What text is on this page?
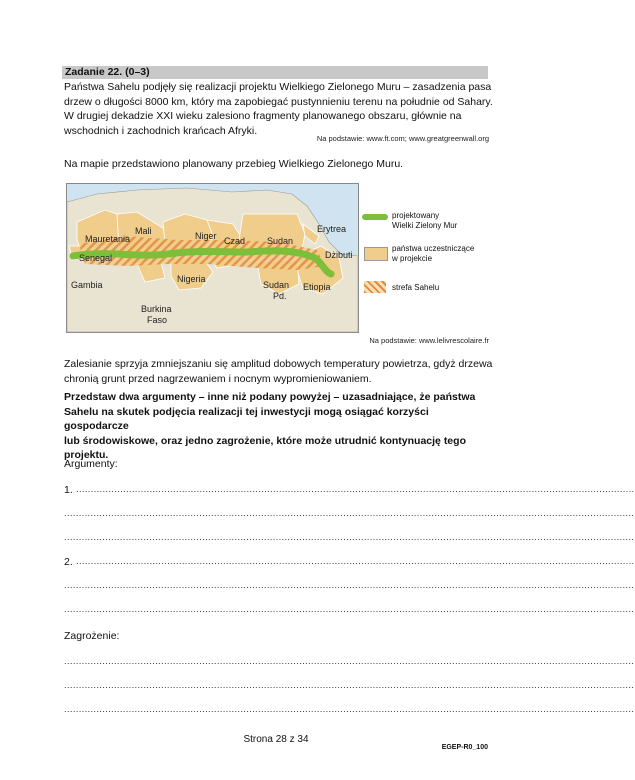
Zadanie 22. (0–3)
Państwa Sahelu podjęły się realizacji projektu Wielkiego Zielonego Muru – zasadzenia pasa
drzew o długości 8000 km, który ma zapobiegać pustynnieniu terenu na południe od Sahary.
W drugiej dekadzie XXI wieku zalesiono fragmenty planowanego obszaru, głównie na
wschodnich i zachodnich krańcach Afryki.
Na podstawie: www.ft.com; www.greatgreenwall.org
Na mapie przedstawiono planowany przebieg Wielkiego Zielonego Muru.
Mauretania
Mali	Niger Czad Sudan
Erytrea
Dżibuti
Senegal
Gambia
Nigeria
Sudan
Pd.
Etiopia
Burkina
Faso
projektowany
Wielki Zielony Mur
państwa uczestniczące
w projekcie
strefa Sahelu
Na podstawie: www.lelivrescolaire.fr
Zalesianie sprzyja zmniejszaniu się amplitud dobowych temperatury powietrza, gdyż drzewa
chronią grunt przed nagrzewaniem i nocnym wypromieniowaniem.
Przedstaw dwa argumenty – inne niż podany powyżej – uzasadniające, że państwa
Sahelu na skutek podjęcia realizacji tej inwestycji mogą osiągać korzyści gospodarcze
lub środowiskowe, oraz jedno zagrożenie, które może utrudnić kontynuację tego
projektu.
Argumenty:
1. ..............................................................................................................................................................................................
..................................................................................................................................................................................................
..................................................................................................................................................................................................
2. ..............................................................................................................................................................................................
..................................................................................................................................................................................................
..................................................................................................................................................................................................
Zagrożenie:
..................................................................................................................................................................................................
..................................................................................................................................................................................................
..................................................................................................................................................................................................
Strona 28 z 34
EGEP-R0_100
